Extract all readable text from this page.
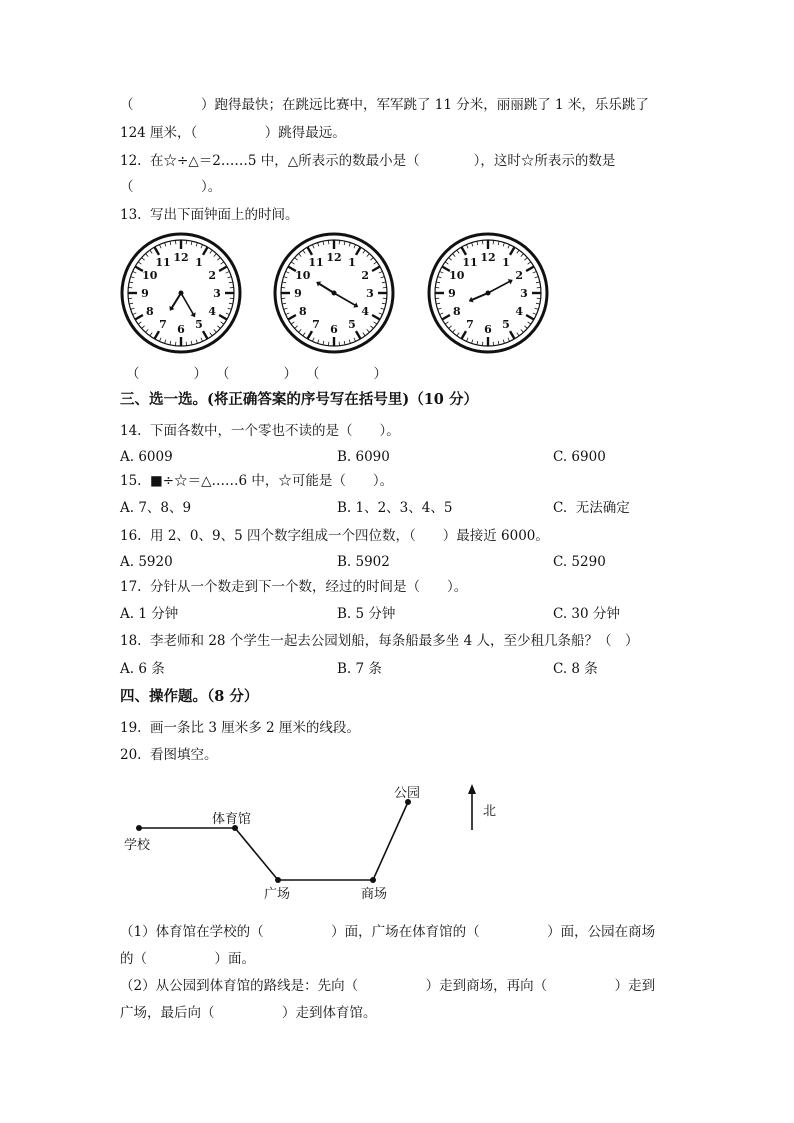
（　　　　　）跑得最快；在跳远比赛中，军军跳了 11 分米，丽丽跳了 1 米，乐乐跳了
124 厘米，（　　　　　）跳得最远。
12.  在☆÷△＝2……5 中，△所表示的数最小是（　　　　），这时☆所表示的数是
（　　　　　）。
13.  写出下面钟面上的时间。
12 1
2
3
4
5
6
7
8
9
10
11	12 1
2
3
4
5
6
7
8
9
10
11	12 1
2
3
4
5
6
7
8
9
10
11
（　　　　） （　　　　） （　　　　）
三、选一选。(将正确答案的序号写在括号里)（10 分）
14.  下面各数中，一个零也不读的是（　　）。
A. 6009	B. 6090	C. 6900
15.  ■÷☆＝△……6 中，☆可能是（　　）。
A. 7、8、9	B. 1、2、3、4、5	C.  无法确定
16.  用 2、0、9、5 四个数字组成一个四位数，（　　）最接近 6000。
A. 5920	B. 5902	C. 5290
17.  分针从一个数走到下一个数，经过的时间是（　　）。
A. 1 分钟	B. 5 分钟	C. 30 分钟
18.  李老师和 28 个学生一起去公园划船，每条船最多坐 4 人，至少租几条船？（　）
A. 6 条	B. 7 条	C. 8 条
四、操作题。（8 分）
19.  画一条比 3 厘米多 2 厘米的线段。
20.  看图填空。
学校
体育馆
广场	商场
公园
北
（1）体育馆在学校的（　　　　　）面，广场在体育馆的（　　　　　）面，公园在商场
的（　　　　　）面。
（2）从公园到体育馆的路线是：先向（　　　　　）走到商场，再向（　　　　　）走到
广场，最后向（　　　　　）走到体育馆。
